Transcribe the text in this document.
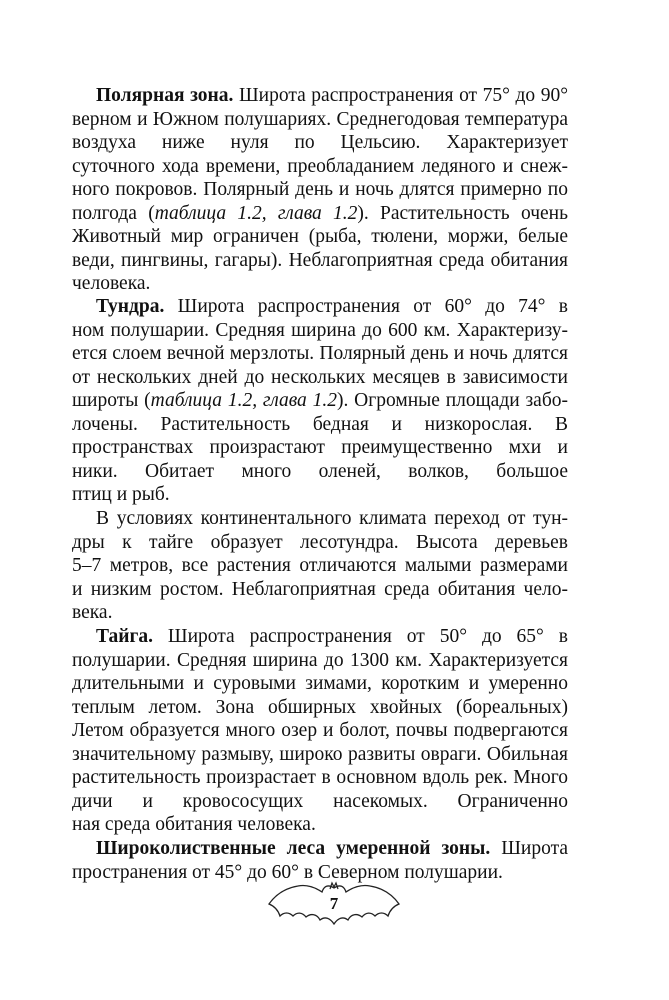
Полярная зона. Широта распространения от 75° до 90°
верном и Южном полушариях. Среднегодовая температура
воздуха ниже нуля по Цельсию. Характеризует
суточного хода времени, преобладанием ледяного и снеж-
ного покровов. Полярный день и ночь длятся примерно по
полгода (таблица 1.2, глава 1.2). Растительность очень
Животный мир ограничен (рыба, тюлени, моржи, белые
веди, пингвины, гагары). Неблагоприятная среда обитания
человека.
Тундра. Широта распространения от 60° до 74° в
ном полушарии. Средняя ширина до 600 км. Характеризу-
ется слоем вечной мерзлоты. Полярный день и ночь длятся
от нескольких дней до нескольких месяцев в зависимости
широты (таблица 1.2, глава 1.2). Огромные площади забо-
лочены. Растительность бедная и низкорослая. В
пространствах произрастают преимущественно мхи и
ники. Обитает много оленей, волков, большое
птиц и рыб.
В условиях континентального климата переход от тун-
дры к тайге образует лесотундра. Высота деревьев
5–7 метров, все растения отличаются малыми размерами
и низким ростом. Неблагоприятная среда обитания чело-
века.
Тайга. Широта распространения от 50° до 65° в
полушарии. Средняя ширина до 1300 км. Характеризуется
длительными и суровыми зимами, коротким и умеренно
теплым летом. Зона обширных хвойных (бореальных)
Летом образуется много озер и болот, почвы подвергаются
значительному размыву, широко развиты овраги. Обильная
растительность произрастает в основном вдоль рек. Много
дичи и кровососущих насекомых. Ограниченно
ная среда обитания человека.
Широколиственные леса умеренной зоны. Широта
пространения от 45° до 60° в Северном полушарии.
7
